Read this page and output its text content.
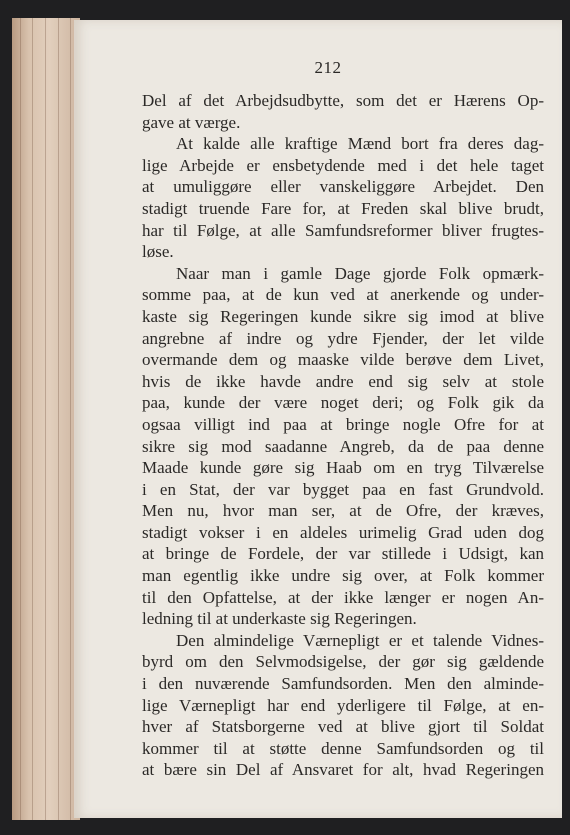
212
Del af det Arbejdsudbytte, som det er Hærens Op-
gave at værge.
At kalde alle kraftige Mænd bort fra deres dag-
lige Arbejde er ensbetydende med i det hele taget
at umuliggøre eller vanskeliggøre Arbejdet. Den
stadigt truende Fare for, at Freden skal blive brudt,
har til Følge, at alle Samfundsreformer bliver frugtes-
løse.
Naar man i gamle Dage gjorde Folk opmærk-
somme paa, at de kun ved at anerkende og under-
kaste sig Regeringen kunde sikre sig imod at blive
angrebne af indre og ydre Fjender, der let vilde
overmande dem og maaske vilde berøve dem Livet,
hvis de ikke havde andre end sig selv at stole
paa, kunde der være noget deri; og Folk gik da
ogsaa villigt ind paa at bringe nogle Ofre for at
sikre sig mod saadanne Angreb, da de paa denne
Maade kunde gøre sig Haab om en tryg Tilværelse
i en Stat, der var bygget paa en fast Grundvold.
Men nu, hvor man ser, at de Ofre, der kræves,
stadigt vokser i en aldeles urimelig Grad uden dog
at bringe de Fordele, der var stillede i Udsigt, kan
man egentlig ikke undre sig over, at Folk kommer
til den Opfattelse, at der ikke længer er nogen An-
ledning til at underkaste sig Regeringen.
Den almindelige Værnepligt er et talende Vidnes-
byrd om den Selvmodsigelse, der gør sig gældende
i den nuværende Samfundsorden. Men den alminde-
lige Værnepligt har end yderligere til Følge, at en-
hver af Statsborgerne ved at blive gjort til Soldat
kommer til at støtte denne Samfundsorden og til
at bære sin Del af Ansvaret for alt, hvad Regeringen
